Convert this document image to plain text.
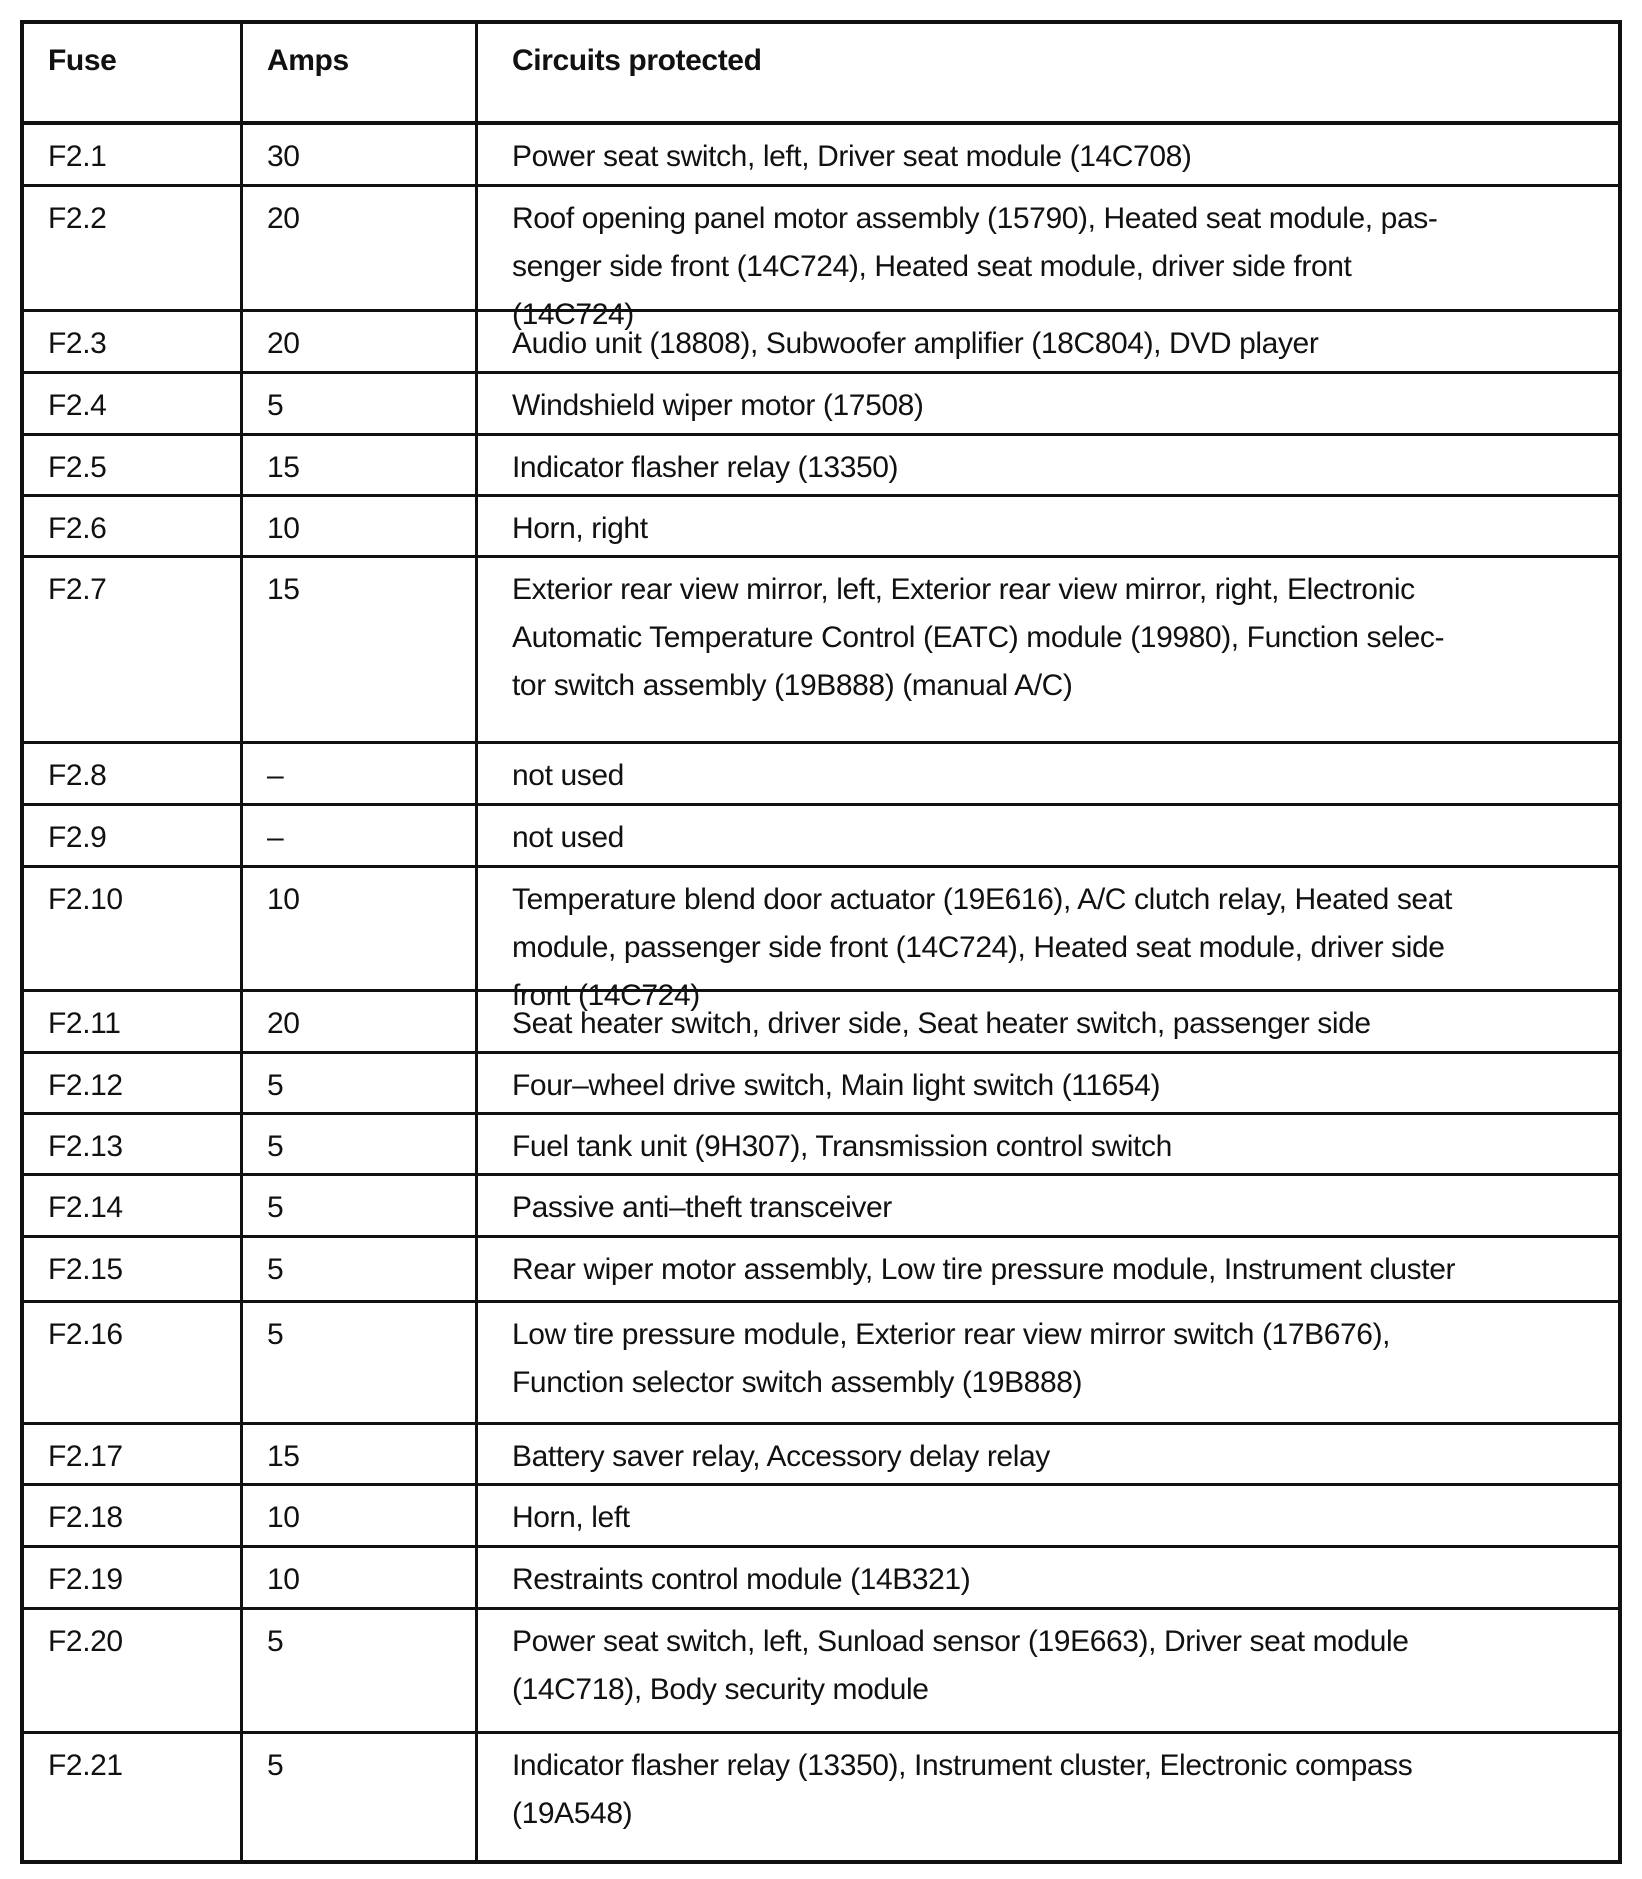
Fuse	Amps	Circuits protected
F2.1	30	Power seat switch, left, Driver seat module (14C708)
F2.2	20	Roof opening panel motor assembly (15790), Heated seat module, pas-
senger side front (14C724), Heated seat module, driver side front
(14C724)
F2.3	20	Audio unit (18808), Subwoofer amplifier (18C804), DVD player
F2.4	5	Windshield wiper motor (17508)
F2.5	15	Indicator flasher relay (13350)
F2.6	10	Horn, right
F2.7	15	Exterior rear view mirror, left, Exterior rear view mirror, right, Electronic
Automatic Temperature Control (EATC) module (19980), Function selec-
tor switch assembly (19B888) (manual A/C)
F2.8	–	not used
F2.9	–	not used
F2.10	10	Temperature blend door actuator (19E616), A/C clutch relay, Heated seat
module, passenger side front (14C724), Heated seat module, driver side
front (14C724)
F2.11	20	Seat heater switch, driver side, Seat heater switch, passenger side
F2.12	5	Four–wheel drive switch, Main light switch (11654)
F2.13	5	Fuel tank unit (9H307), Transmission control switch
F2.14	5	Passive anti–theft transceiver
F2.15	5	Rear wiper motor assembly, Low tire pressure module, Instrument cluster
F2.16	5	Low tire pressure module, Exterior rear view mirror switch (17B676),
Function selector switch assembly (19B888)
F2.17	15	Battery saver relay, Accessory delay relay
F2.18	10	Horn, left
F2.19	10	Restraints control module (14B321)
F2.20	5	Power seat switch, left, Sunload sensor (19E663), Driver seat module
(14C718), Body security module
F2.21	5	Indicator flasher relay (13350), Instrument cluster, Electronic compass
(19A548)
